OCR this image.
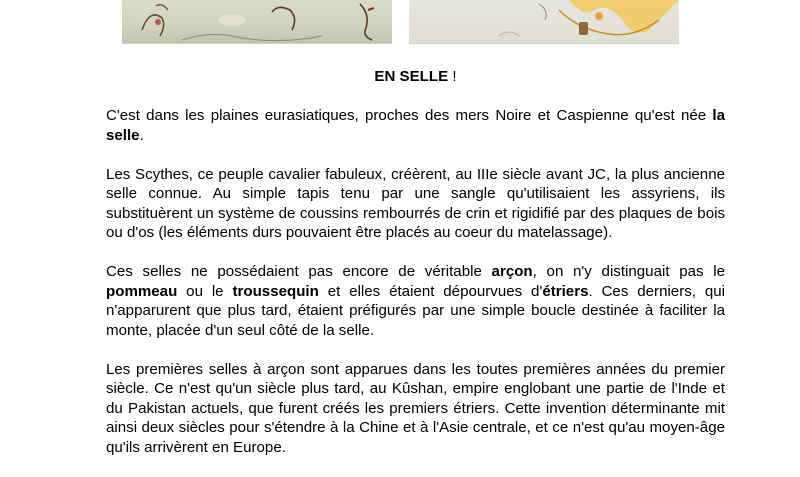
EN SELLE !

C'est dans les plaines eurasiatiques, proches des mers Noire et Caspienne qu'est née la selle.

Les Scythes, ce peuple cavalier fabuleux, créèrent, au IIIe siècle avant JC, la plus ancienne selle connue. Au simple tapis tenu par une sangle qu'utilisaient les assyriens, ils substituèrent un système de coussins rembourrés de crin et rigidifié par des plaques de bois ou d'os (les éléments durs pouvaient être placés au coeur du matelassage).

Ces selles ne possédaient pas encore de véritable arçon, on n'y distinguait pas le pommeau ou le troussequin et elles étaient dépourvues d'étriers. Ces derniers, qui n'apparurent que plus tard, étaient préfigurés par une simple boucle destinée à faciliter la monte, placée d'un seul côté de la selle.

Les premières selles à arçon sont apparues dans les toutes premières années du premier siècle. Ce n'est qu'un siècle plus tard, au Kûshan, empire englobant une partie de l'Inde et du Pakistan actuels, que furent créés les premiers étriers. Cette invention déterminante mit ainsi deux siècles pour s'étendre à la Chine et à l'Asie centrale, et ce n'est qu'au moyen-âge qu'ils arrivèrent en Europe.
